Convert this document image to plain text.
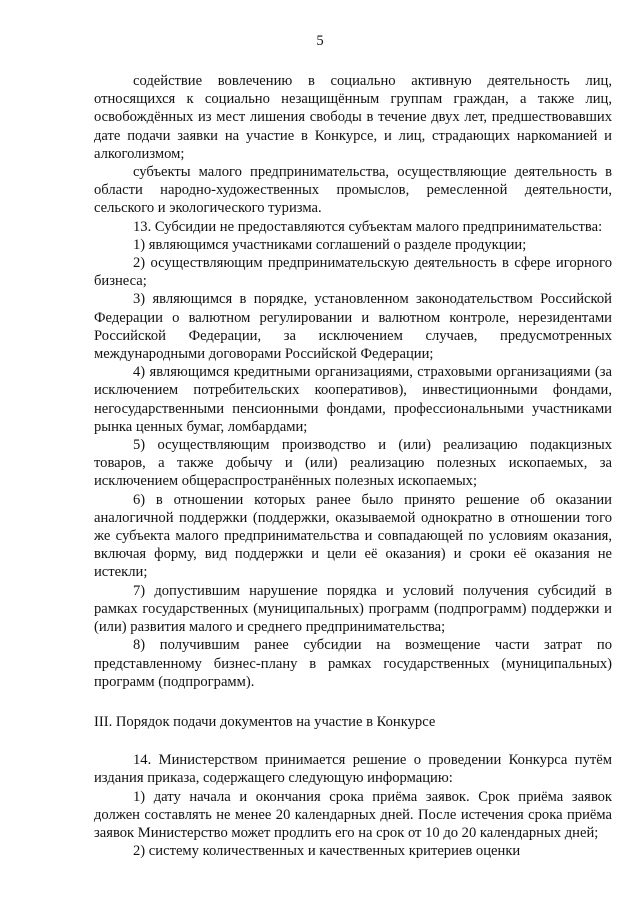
5

содействие вовлечению в социально активную деятельность лиц, относящихся к социально незащищённым группам граждан, а также лиц, освобождённых из мест лишения свободы в течение двух лет, предшествовавших дате подачи заявки на участие в Конкурсе, и лиц, страдающих наркоманией и алкоголизмом;

субъекты малого предпринимательства, осуществляющие деятельность в области народно-художественных промыслов, ремесленной деятельности, сельского и экологического туризма.

13. Субсидии не предоставляются субъектам малого предпринимательства:

1) являющимся участниками соглашений о разделе продукции;

2) осуществляющим предпринимательскую деятельность в сфере игорного бизнеса;

3) являющимся в порядке, установленном законодательством Российской Федерации о валютном регулировании и валютном контроле, нерезидентами Российской Федерации, за исключением случаев, предусмотренных международными договорами Российской Федерации;

4) являющимся кредитными организациями, страховыми организациями (за исключением потребительских кооперативов), инвестиционными фондами, негосударственными пенсионными фондами, профессиональными участниками рынка ценных бумаг, ломбардами;

5) осуществляющим производство и (или) реализацию подакцизных товаров, а также добычу и (или) реализацию полезных ископаемых, за исключением общераспространённых полезных ископаемых;

6) в отношении которых ранее было принято решение об оказании аналогичной поддержки (поддержки, оказываемой однократно в отношении того же субъекта малого предпринимательства и совпадающей по условиям оказания, включая форму, вид поддержки и цели её оказания) и сроки её оказания не истекли;

7) допустившим нарушение порядка и условий получения субсидий в рамках государственных (муниципальных) программ (подпрограмм) поддержки и (или) развития малого и среднего предпринимательства;

8) получившим ранее субсидии на возмещение части затрат по представленному бизнес-плану в рамках государственных (муниципальных) программ (подпрограмм).

III. Порядок подачи документов на участие в Конкурсе

14. Министерством принимается решение о проведении Конкурса путём издания приказа, содержащего следующую информацию:

1) дату начала и окончания срока приёма заявок. Срок приёма заявок должен составлять не менее 20 календарных дней. После истечения срока приёма заявок Министерство может продлить его на срок от 10 до 20 календарных дней;

2) систему количественных и качественных критериев оценки
